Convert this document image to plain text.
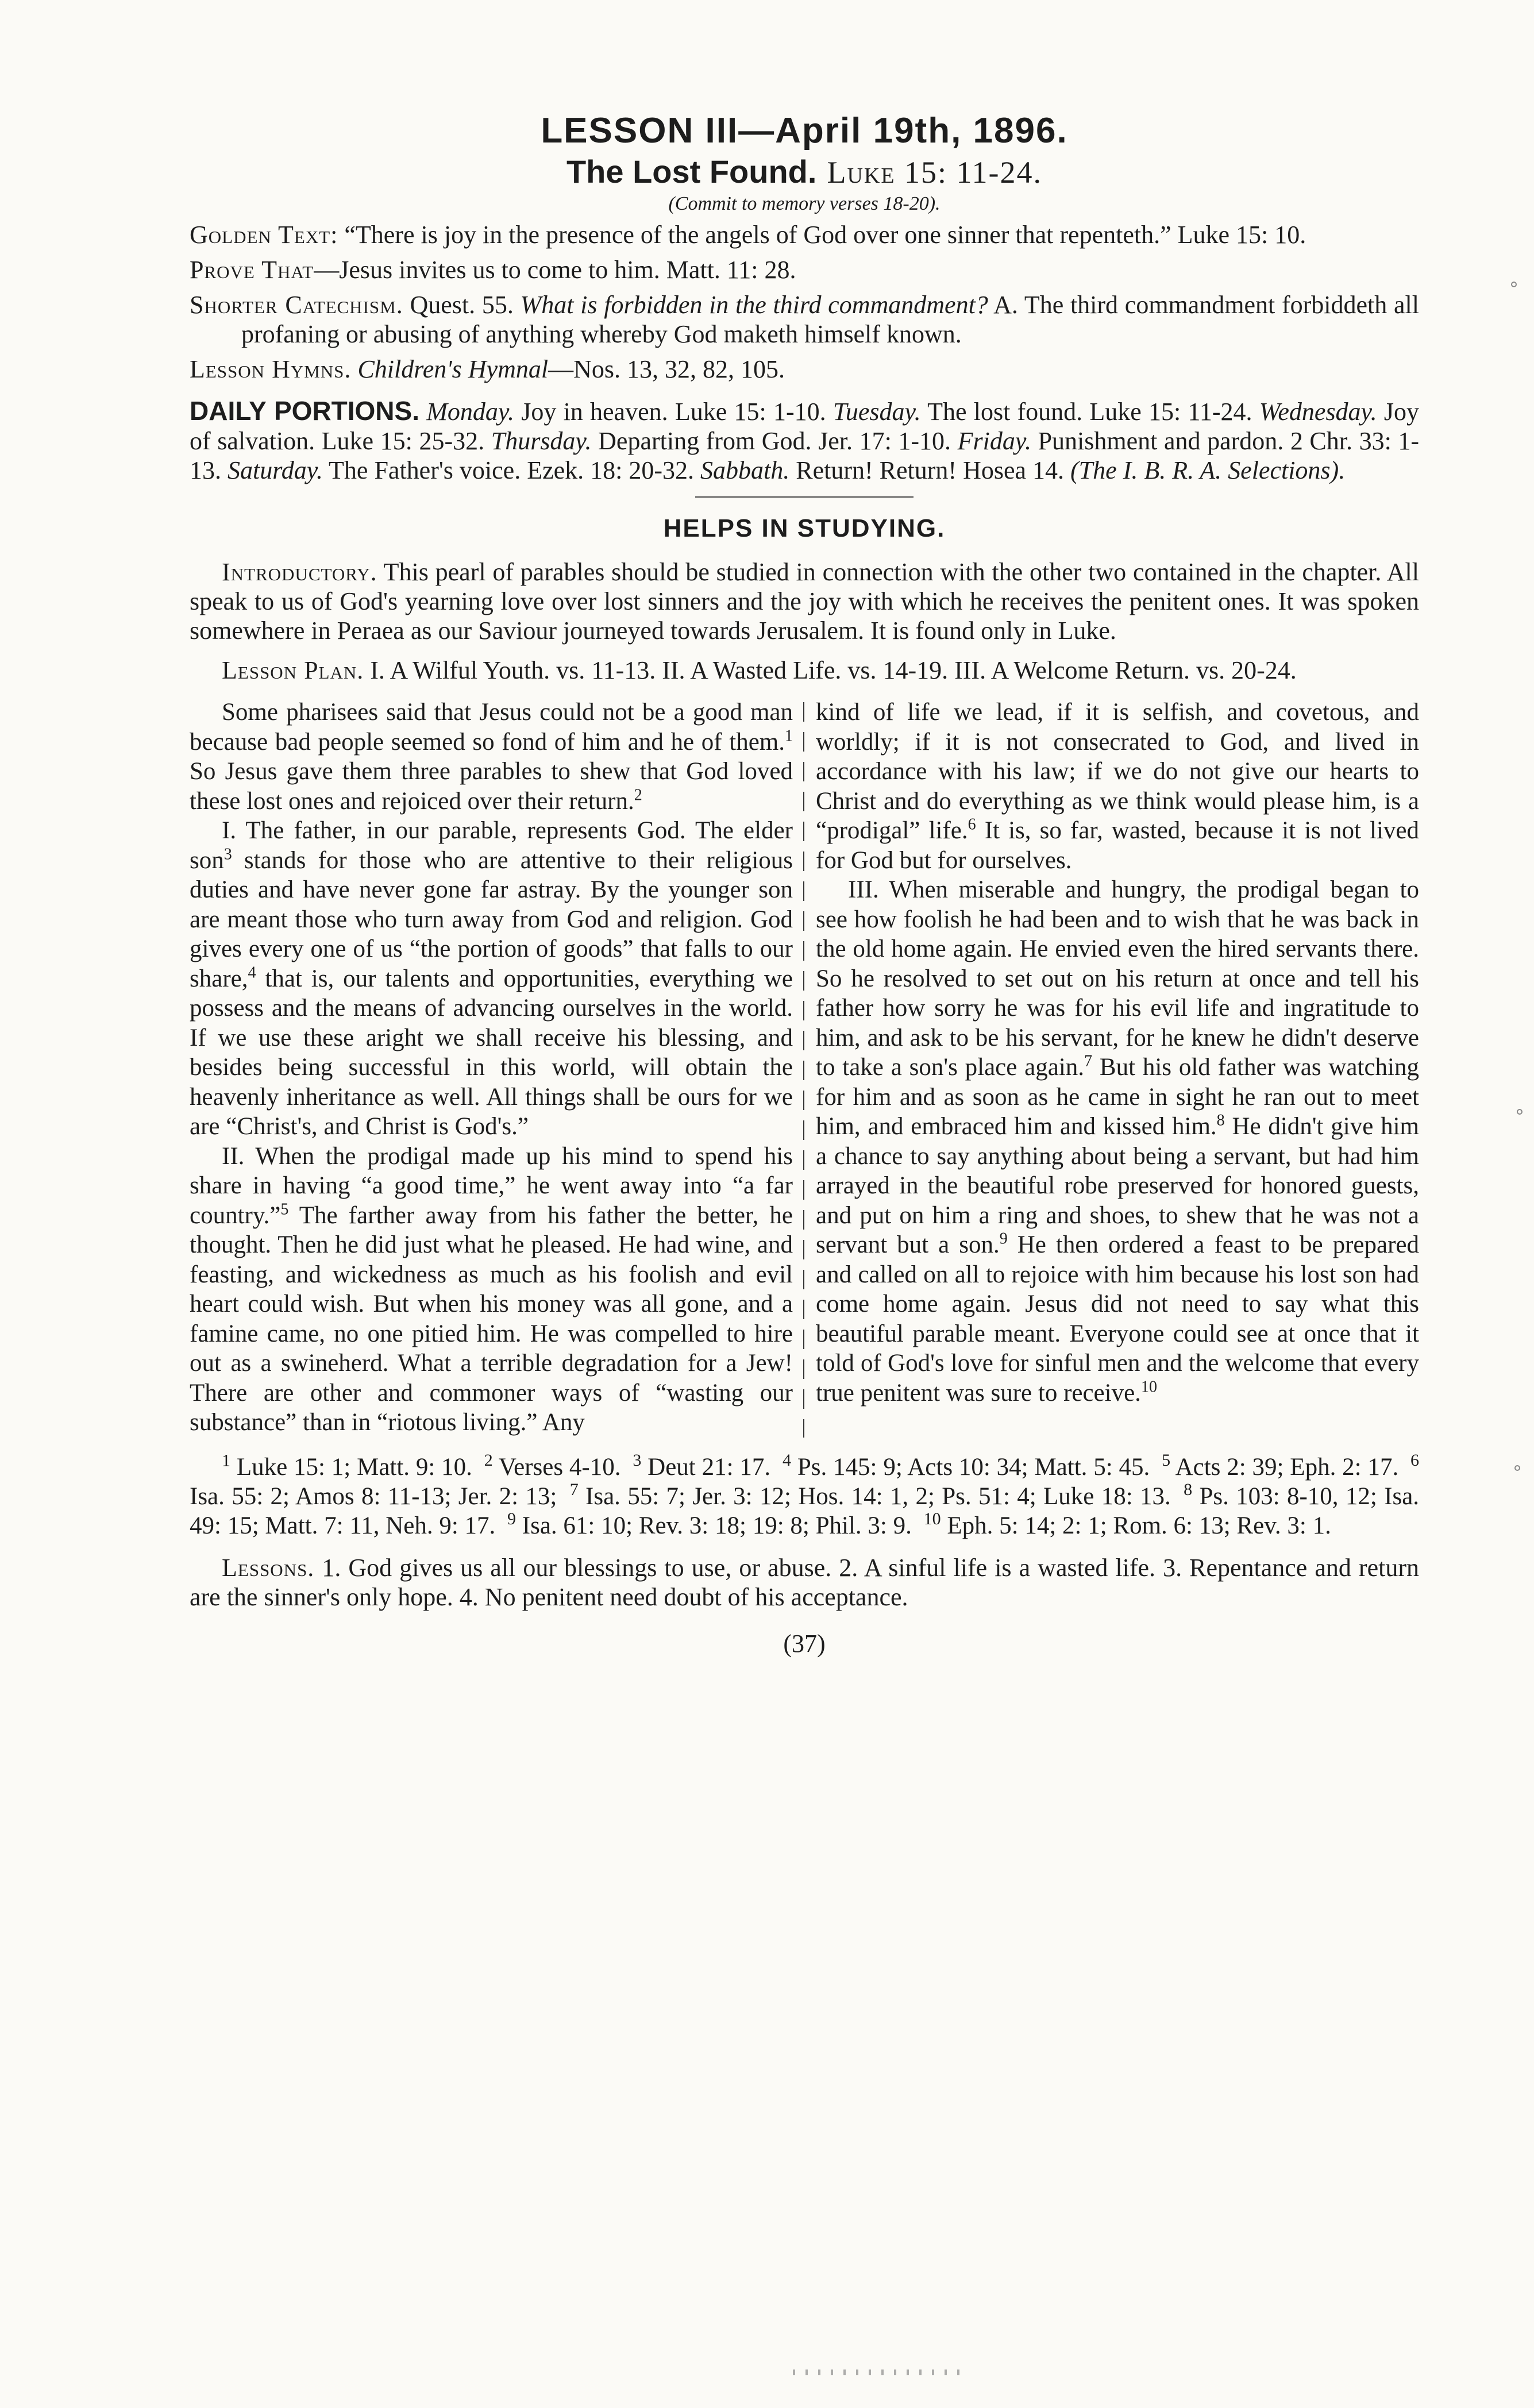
LESSON III—April 19th, 1896.
The Lost Found. Luke 15: 11-24.
(Commit to memory verses 18-20).
Golden Text: “There is joy in the presence of the angels of God over one sinner that repenteth.” Luke 15: 10.
Prove That—Jesus invites us to come to him. Matt. 11: 28.
Shorter Catechism. Quest. 55. What is forbidden in the third commandment? A. The third commandment forbiddeth all profaning or abusing of anything whereby God maketh himself known.
Lesson Hymns. Children's Hymnal—Nos. 13, 32, 82, 105.
DAILY PORTIONS. Monday. Joy in heaven. Luke 15: 1-10. Tuesday. The lost found. Luke 15: 11-24. Wednesday. Joy of salvation. Luke 15: 25-32. Thursday. Departing from God. Jer. 17: 1-10. Friday. Punishment and pardon. 2 Chr. 33: 1-13. Saturday. The Father's voice. Ezek. 18: 20-32. Sabbath. Return! Return! Hosea 14. (The I. B. R. A. Selections).
HELPS IN STUDYING.
Introductory. This pearl of parables should be studied in connection with the other two contained in the chapter. All speak to us of God's yearning love over lost sinners and the joy with which he receives the penitent ones. It was spoken somewhere in Peraea as our Saviour journeyed towards Jerusalem. It is found only in Luke.
Lesson Plan. I. A Wilful Youth. vs. 11-13. II. A Wasted Life. vs. 14-19. III. A Welcome Return. vs. 20-24.

Some pharisees said that Jesus could not be a good man because bad people seemed so fond of him and he of them.$^1$ So Jesus gave them three parables to shew that God loved these lost ones and rejoiced over their return.$^2$

I. The father, in our parable, represents God. The elder son$^3$ stands for those who are attentive to their religious duties and have never gone far astray. By the younger son are meant those who turn away from God and religion. God gives every one of us “the portion of goods” that falls to our share,$^4$ that is, our talents and opportunities, everything we possess and the means of advancing ourselves in the world. If we use these aright we shall receive his blessing, and besides being successful in this world, will obtain the heavenly inheritance as well. All things shall be ours for we are “Christ's, and Christ is God's.”

II. When the prodigal made up his mind to spend his share in having “a good time,” he went away into “a far country.”$^5$ The farther away from his father the better, he thought. Then he did just what he pleased. He had wine, and feasting, and wickedness as much as his foolish and evil heart could wish. But when his money was all gone, and a famine came, no one pitied him. He was compelled to hire out as a swineherd. What a terrible degradation for a Jew! There are other and commoner ways of “wasting our substance” than in “riotous living.” Any

kind of life we lead, if it is selfish, and covetous, and worldly; if it is not consecrated to God, and lived in accordance with his law; if we do not give our hearts to Christ and do everything as we think would please him, is a “prodigal” life.$^6$ It is, so far, wasted, because it is not lived for God but for ourselves.

III. When miserable and hungry, the prodigal began to see how foolish he had been and to wish that he was back in the old home again. He envied even the hired servants there. So he resolved to set out on his return at once and tell his father how sorry he was for his evil life and ingratitude to him, and ask to be his servant, for he knew he didn't deserve to take a son's place again.$^7$ But his old father was watching for him and as soon as he came in sight he ran out to meet him, and embraced him and kissed him.$^8$ He didn't give him a chance to say anything about being a servant, but had him arrayed in the beautiful robe preserved for honored guests, and put on him a ring and shoes, to shew that he was not a servant but a son.$^9$ He then ordered a feast to be prepared and called on all to rejoice with him because his lost son had come home again. Jesus did not need to say what this beautiful parable meant. Everyone could see at once that it told of God's love for sinful men and the welcome that every true penitent was sure to receive.$^{10}$

$^1$ Luke 15: 1; Matt. 9: 10. $^2$ Verses 4-10. $^3$ Deut 21: 17. $^4$ Ps. 145: 9; Acts 10: 34; Matt. 5: 45. $^5$ Acts 2: 39; Eph. 2: 17. $^6$ Isa. 55: 2; Amos 8: 11-13; Jer. 2: 13; $^7$ Isa. 55: 7; Jer. 3: 12; Hos. 14: 1, 2; Ps. 51: 4; Luke 18: 13. $^8$ Ps. 103: 8-10, 12; Isa. 49: 15; Matt. 7: 11, Neh. 9: 17. $^9$ Isa. 61: 10; Rev. 3: 18; 19: 8; Phil. 3: 9. $^{10}$ Eph. 5: 14; 2: 1; Rom. 6: 13; Rev. 3: 1.
Lessons. 1. God gives us all our blessings to use, or abuse. 2. A sinful life is a wasted life. 3. Repentance and return are the sinner's only hope. 4. No penitent need doubt of his acceptance.
(37)
